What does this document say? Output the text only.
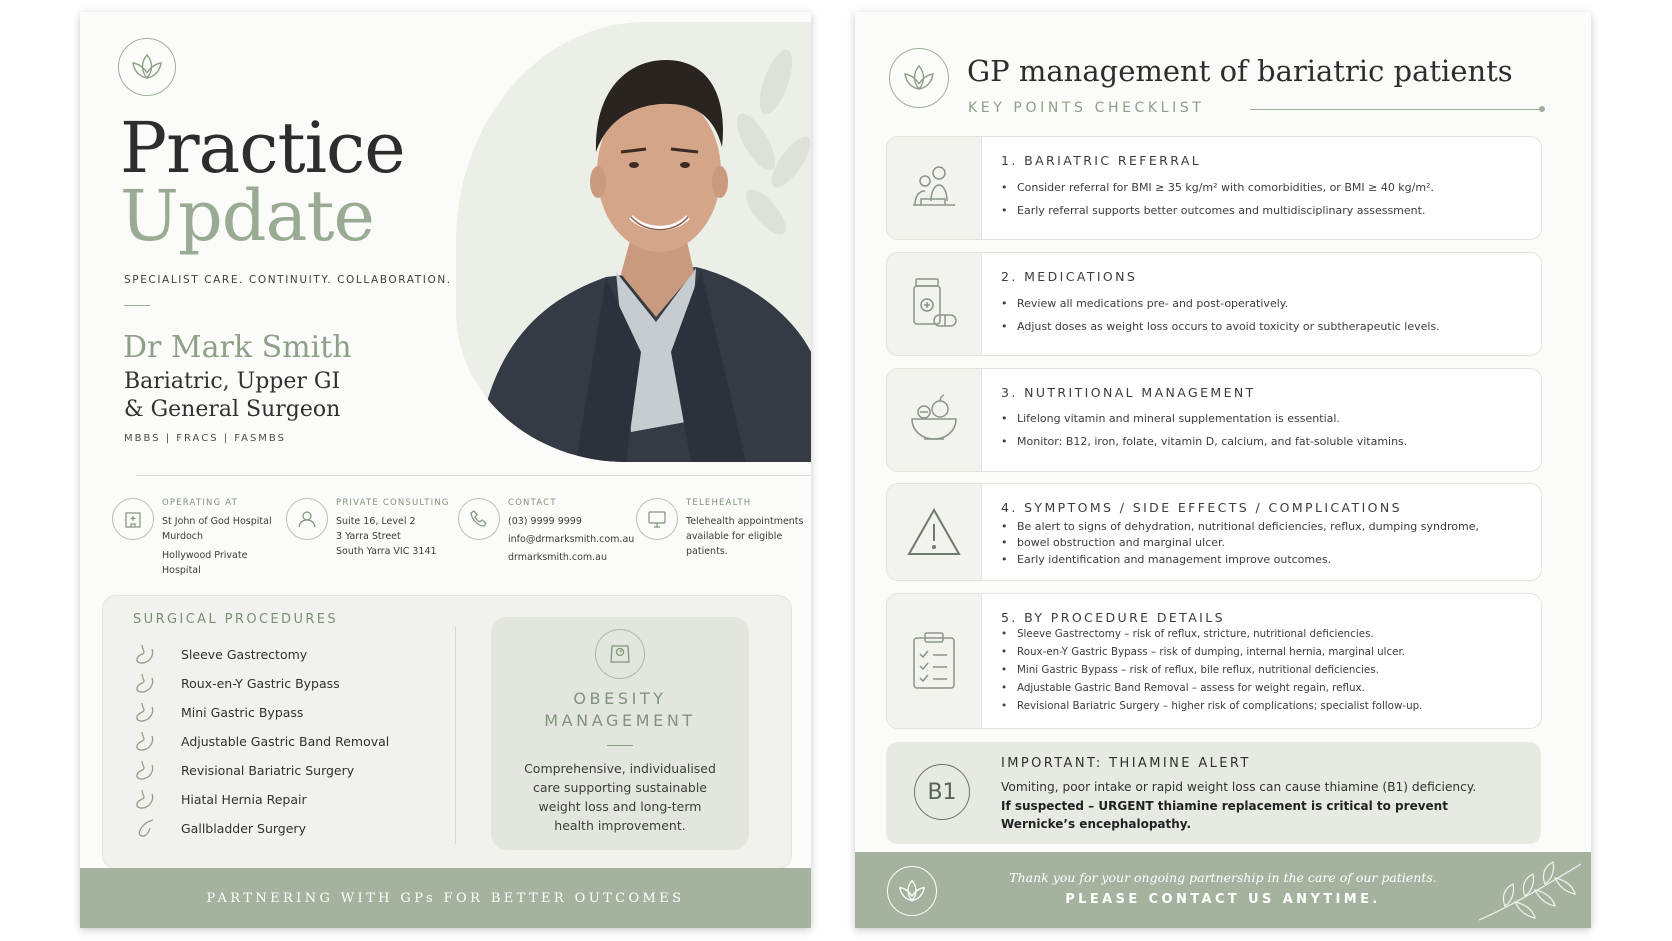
Practice
Update
SPECIALIST CARE. CONTINUITY. COLLABORATION.
Dr Mark Smith
Bariatric, Upper GI
& General Surgeon
MBBS | FRACS | FASMBS
OPERATING AT
St John of God Hospital
Murdoch
Hollywood Private
Hospital
PRIVATE CONSULTING
Suite 16, Level 2
3 Yarra Street
South Yarra VIC 3141
CONTACT
(03) 9999 9999
info@drmarksmith.com.au
drmarksmith.com.au
TELEHEALTH
Telehealth appointments
available for eligible
patients.
SURGICAL PROCEDURES
Sleeve Gastrectomy
Roux-en-Y Gastric Bypass
Mini Gastric Bypass
Adjustable Gastric Band Removal
Revisional Bariatric Surgery
Hiatal Hernia Repair
Gallbladder Surgery
OBESITY
MANAGEMENT
Comprehensive, individualised
care supporting sustainable
weight loss and long-term
health improvement.
PARTNERING WITH GPs FOR BETTER OUTCOMES
GP management of bariatric patients
KEY POINTS CHECKLIST
1. BARIATRIC REFERRAL
Consider referral for BMI ≥ 35 kg/m² with comorbidities, or BMI ≥ 40 kg/m².
Early referral supports better outcomes and multidisciplinary assessment.
2. MEDICATIONS
Review all medications pre- and post-operatively.
Adjust doses as weight loss occurs to avoid toxicity or subtherapeutic levels.
3. NUTRITIONAL MANAGEMENT
Lifelong vitamin and mineral supplementation is essential.
Monitor: B12, iron, folate, vitamin D, calcium, and fat-soluble vitamins.
4. SYMPTOMS / SIDE EFFECTS / COMPLICATIONS
Be alert to signs of dehydration, nutritional deficiencies, reflux, dumping syndrome,
bowel obstruction and marginal ulcer.
Early identification and management improve outcomes.
5. BY PROCEDURE DETAILS
Sleeve Gastrectomy – risk of reflux, stricture, nutritional deficiencies.
Roux-en-Y Gastric Bypass – risk of dumping, internal hernia, marginal ulcer.
Mini Gastric Bypass – risk of reflux, bile reflux, nutritional deficiencies.
Adjustable Gastric Band Removal – assess for weight regain, reflux.
Revisional Bariatric Surgery – higher risk of complications; specialist follow-up.
B1
IMPORTANT: THIAMINE ALERT
Vomiting, poor intake or rapid weight loss can cause thiamine (B1) deficiency.
If suspected – URGENT thiamine replacement is critical to prevent
Wernicke’s encephalopathy.
Thank you for your ongoing partnership in the care of our patients.
PLEASE CONTACT US ANYTIME.
